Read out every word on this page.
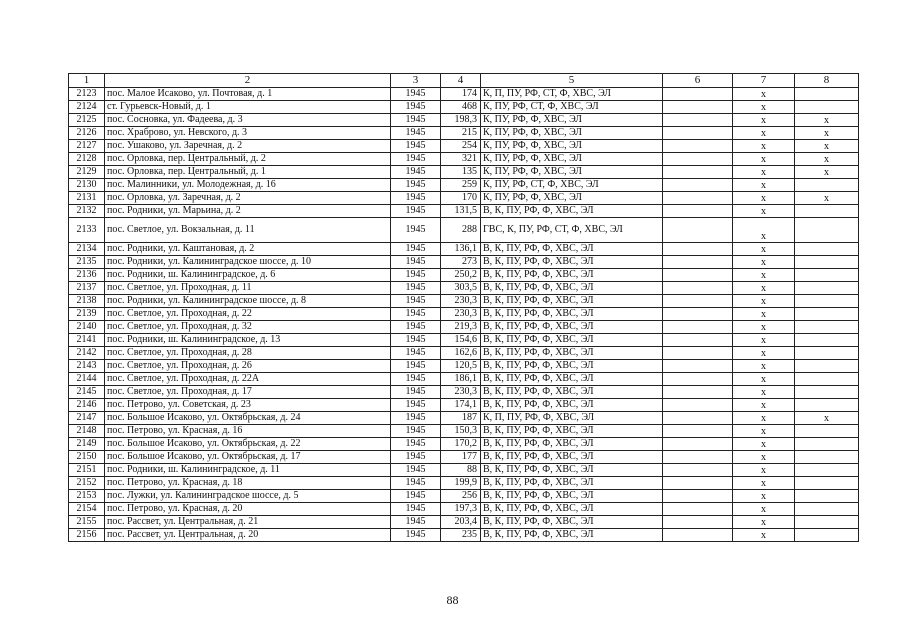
1	2	3	4	5	6	7	8
2123	пос. Малое Исаково, ул. Почтовая, д. 1	1945	174	К, П, ПУ, РФ, СТ, Ф, ХВС, ЭЛ		х	
2124	ст. Гурьевск-Новый, д. 1	1945	468	К, ПУ, РФ, СТ, Ф, ХВС, ЭЛ		х	
2125	пос. Сосновка, ул. Фадеева, д. 3	1945	198,3	К, ПУ, РФ, Ф, ХВС, ЭЛ		х	х
2126	пос. Храброво, ул. Невского, д. 3	1945	215	К, ПУ, РФ, Ф, ХВС, ЭЛ		х	х
2127	пос. Ушаково, ул. Заречная, д. 2	1945	254	К, ПУ, РФ, Ф, ХВС, ЭЛ		х	х
2128	пос. Орловка, пер. Центральный, д. 2	1945	321	К, ПУ, РФ, Ф, ХВС, ЭЛ		х	х
2129	пос. Орловка, пер. Центральный, д. 1	1945	135	К, ПУ, РФ, Ф, ХВС, ЭЛ		х	х
2130	пос. Малинники, ул. Молодежная, д. 16	1945	259	К, ПУ, РФ, СТ, Ф, ХВС, ЭЛ		х	
2131	пос. Орловка, ул. Заречная, д. 2	1945	170	К, ПУ, РФ, Ф, ХВС, ЭЛ		х	х
2132	пос. Родники, ул. Марьина, д. 2	1945	131,5	В, К, ПУ, РФ, Ф, ХВС, ЭЛ		х	
2133	пос. Светлое, ул. Вокзальная, д. 11	1945	288	ГВС, К, ПУ, РФ, СТ, Ф, ХВС, ЭЛ		х	
2134	пос. Родники, ул. Каштановая, д. 2	1945	136,1	В, К, ПУ, РФ, Ф, ХВС, ЭЛ		х	
2135	пос. Родники, ул. Калининградское шоссе, д. 10	1945	273	В, К, ПУ, РФ, Ф, ХВС, ЭЛ		х	
2136	пос. Родники, ш. Калининградское, д. 6	1945	250,2	В, К, ПУ, РФ, Ф, ХВС, ЭЛ		х	
2137	пос. Светлое, ул. Проходная, д. 11	1945	303,5	В, К, ПУ, РФ, Ф, ХВС, ЭЛ		х	
2138	пос. Родники, ул. Калининградское шоссе, д. 8	1945	230,3	В, К, ПУ, РФ, Ф, ХВС, ЭЛ		х	
2139	пос. Светлое, ул. Проходная, д. 22	1945	230,3	В, К, ПУ, РФ, Ф, ХВС, ЭЛ		х	
2140	пос. Светлое, ул. Проходная, д. 32	1945	219,3	В, К, ПУ, РФ, Ф, ХВС, ЭЛ		х	
2141	пос. Родники, ш. Калининградское, д. 13	1945	154,6	В, К, ПУ, РФ, Ф, ХВС, ЭЛ		х	
2142	пос. Светлое, ул. Проходная, д. 28	1945	162,6	В, К, ПУ, РФ, Ф, ХВС, ЭЛ		х	
2143	пос. Светлое, ул. Проходная, д. 26	1945	120,5	В, К, ПУ, РФ, Ф, ХВС, ЭЛ		х	
2144	пос. Светлое, ул. Проходная, д. 22А	1945	186,1	В, К, ПУ, РФ, Ф, ХВС, ЭЛ		х	
2145	пос. Светлое, ул. Проходная, д. 17	1945	230,3	В, К, ПУ, РФ, Ф, ХВС, ЭЛ		х	
2146	пос. Петрово, ул. Советская, д. 23	1945	174,1	В, К, ПУ, РФ, Ф, ХВС, ЭЛ		х	
2147	пос. Большое Исаково, ул. Октябрьская, д. 24	1945	187	К, П, ПУ, РФ, Ф, ХВС, ЭЛ		х	х
2148	пос. Петрово, ул. Красная, д. 16	1945	150,3	В, К, ПУ, РФ, Ф, ХВС, ЭЛ		х	
2149	пос. Большое Исаково, ул. Октябрьская, д. 22	1945	170,2	В, К, ПУ, РФ, Ф, ХВС, ЭЛ		х	
2150	пос. Большое Исаково, ул. Октябрьская, д. 17	1945	177	В, К, ПУ, РФ, Ф, ХВС, ЭЛ		х	
2151	пос. Родники, ш. Калининградское, д. 11	1945	88	В, К, ПУ, РФ, Ф, ХВС, ЭЛ		х	
2152	пос. Петрово, ул. Красная, д. 18	1945	199,9	В, К, ПУ, РФ, Ф, ХВС, ЭЛ		х	
2153	пос. Лужки, ул. Калининградское шоссе, д. 5	1945	256	В, К, ПУ, РФ, Ф, ХВС, ЭЛ		х	
2154	пос. Петрово, ул. Красная, д. 20	1945	197,3	В, К, ПУ, РФ, Ф, ХВС, ЭЛ		х	
2155	пос. Рассвет, ул. Центральная, д. 21	1945	203,4	В, К, ПУ, РФ, Ф, ХВС, ЭЛ		х	
2156	пос. Рассвет, ул. Центральная, д. 20	1945	235	В, К, ПУ, РФ, Ф, ХВС, ЭЛ		х	
88
